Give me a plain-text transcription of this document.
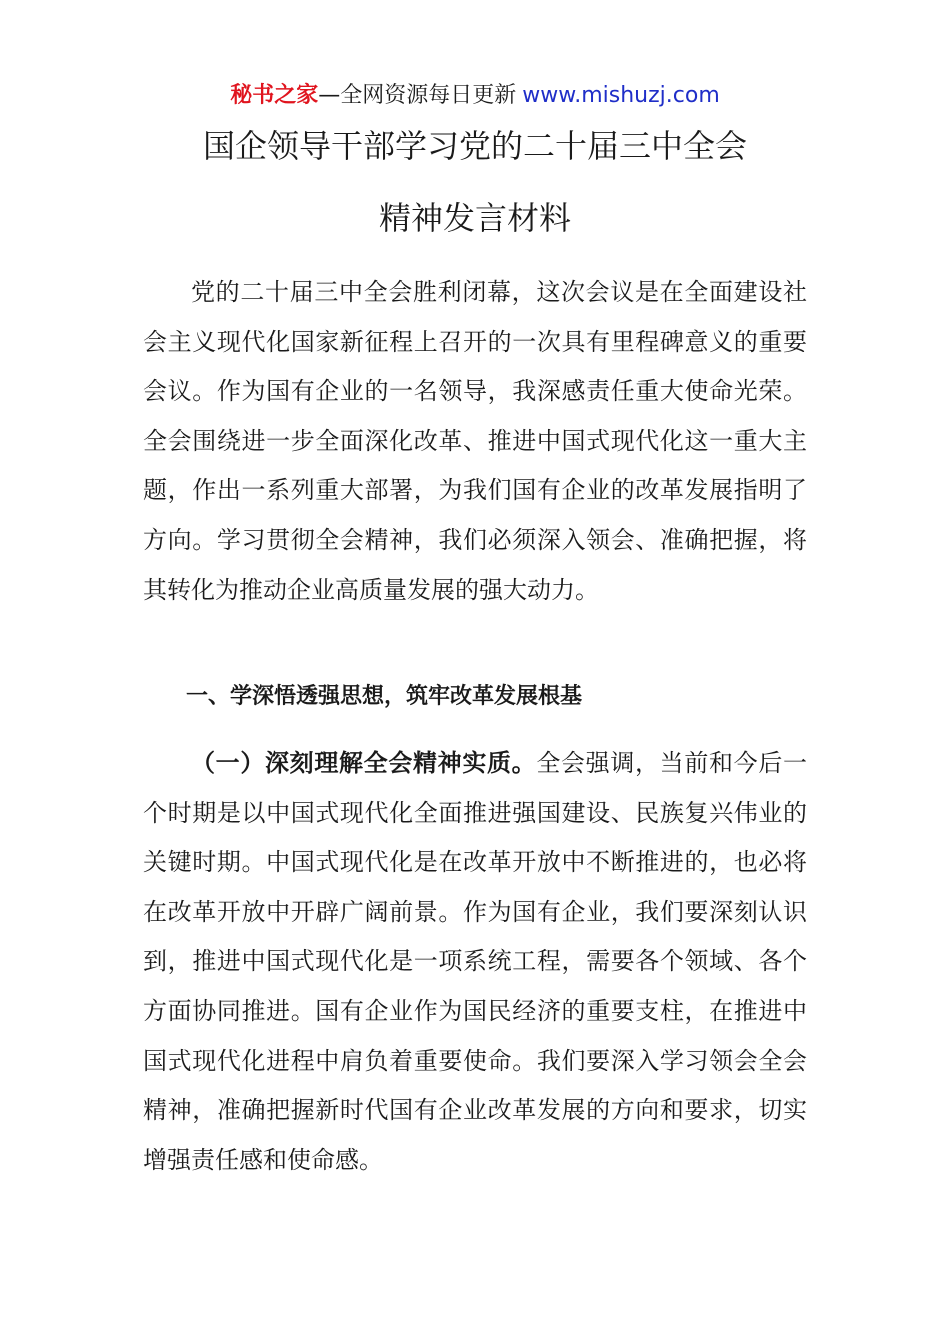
秘书之家—全网资源每日更新 www.mishuzj.com
国企领导干部学习党的二十届三中全会
精神发言材料

党的二十届三中全会胜利闭幕，这次会议是在全面建设社会主义现代化国家新征程上召开的一次具有里程碑意义的重要会议。作为国有企业的一名领导，我深感责任重大使命光荣。全会围绕进一步全面深化改革、推进中国式现代化这一重大主题，作出一系列重大部署，为我们国有企业的改革发展指明了方向。学习贯彻全会精神，我们必须深入领会、准确把握，将其转化为推动企业高质量发展的强大动力。

一、学深悟透强思想，筑牢改革发展根基

（一）深刻理解全会精神实质。全会强调，当前和今后一个时期是以中国式现代化全面推进强国建设、民族复兴伟业的关键时期。中国式现代化是在改革开放中不断推进的，也必将在改革开放中开辟广阔前景。作为国有企业，我们要深刻认识到，推进中国式现代化是一项系统工程，需要各个领域、各个方面协同推进。国有企业作为国民经济的重要支柱，在推进中国式现代化进程中肩负着重要使命。我们要深入学习领会全会精神，准确把握新时代国有企业改革发展的方向和要求，切实增强责任感和使命感。
